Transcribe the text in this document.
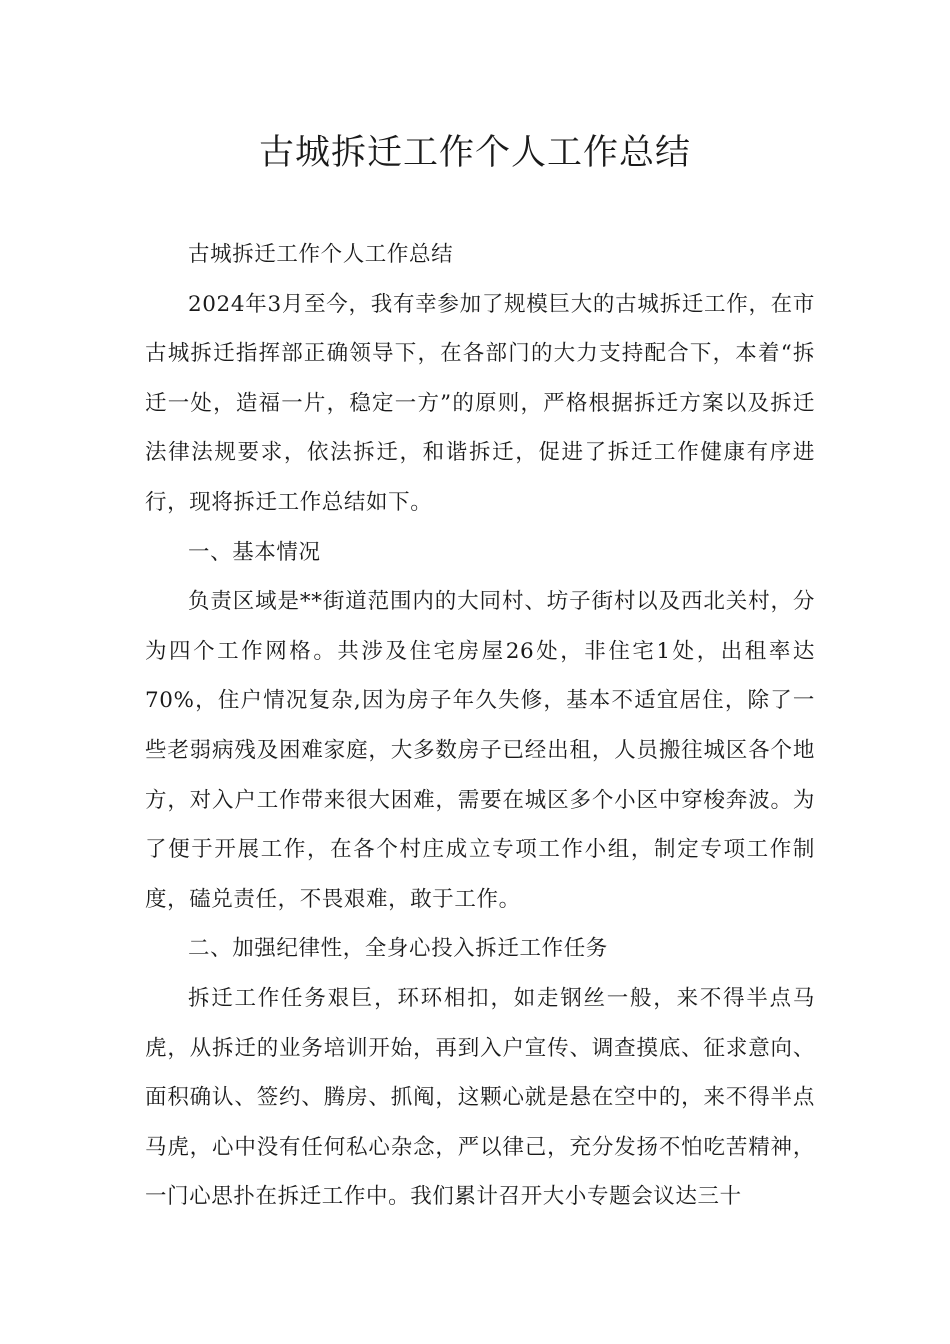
古城拆迁工作个人工作总结

古城拆迁工作个人工作总结

2024年3月至今，我有幸参加了规模巨大的古城拆迁工作，在市古城拆迁指挥部正确领导下，在各部门的大力支持配合下，本着“拆迁一处，造福一片，稳定一方”的原则，严格根据拆迁方案以及拆迁法律法规要求，依法拆迁，和谐拆迁，促进了拆迁工作健康有序进行，现将拆迁工作总结如下。

一、基本情况

负责区域是**街道范围内的大同村、坊子街村以及西北关村，分为四个工作网格。共涉及住宅房屋26处，非住宅1处，出租率达70%，住户情况复杂,因为房子年久失修，基本不适宜居住，除了一些老弱病残及困难家庭，大多数房子已经出租，人员搬往城区各个地方，对入户工作带来很大困难，需要在城区多个小区中穿梭奔波。为了便于开展工作，在各个村庄成立专项工作小组，制定专项工作制度，磕兑责任，不畏艰难，敢于工作。

二、加强纪律性，全身心投入拆迁工作任务

拆迁工作任务艰巨，环环相扣，如走钢丝一般，来不得半点马虎，从拆迁的业务培训开始，再到入户宣传、调查摸底、征求意向、面积确认、签约、腾房、抓阄，这颗心就是悬在空中的，来不得半点马虎，心中没有任何私心杂念，严以律己，充分发扬不怕吃苦精神，一门心思扑在拆迁工作中。我们累计召开大小专题会议达三十
